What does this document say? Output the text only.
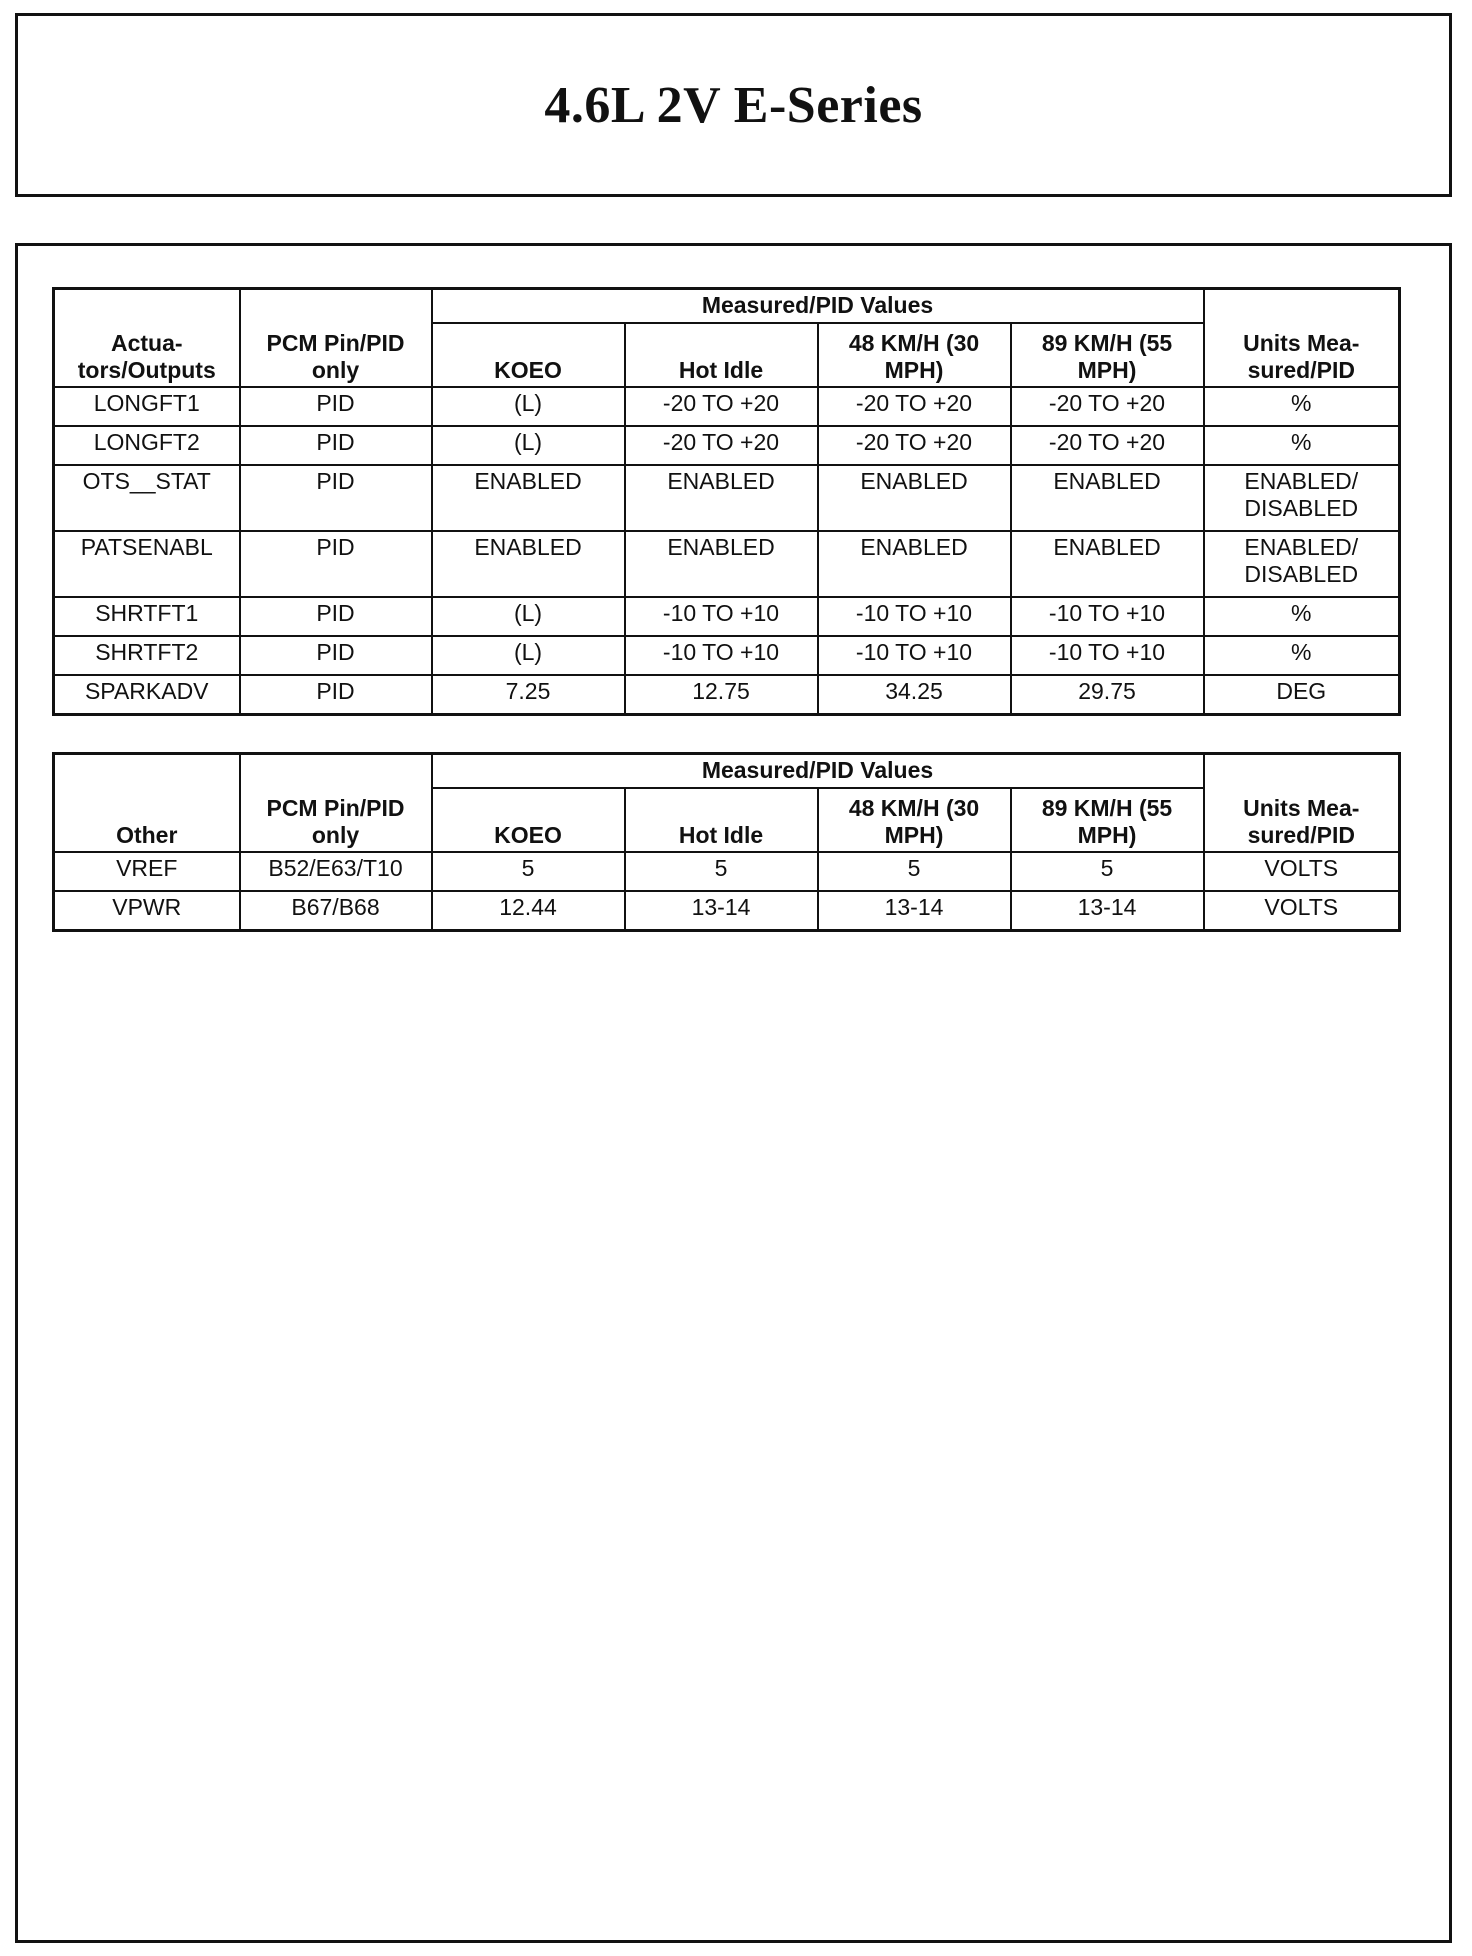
4.6L 2V E-Series
Actua-tors/Outputs	PCM Pin/PID only	Measured/PID Values				Units Mea-sured/PID
		KOEO	Hot Idle	48 KM/H (30 MPH)	89 KM/H (55 MPH)	
LONGFT1	PID	(L)	-20 TO +20	-20 TO +20	-20 TO +20	%
LONGFT2	PID	(L)	-20 TO +20	-20 TO +20	-20 TO +20	%
OTS__STAT	PID	ENABLED	ENABLED	ENABLED	ENABLED	ENABLED/ DISABLED
PATSENABL	PID	ENABLED	ENABLED	ENABLED	ENABLED	ENABLED/ DISABLED
SHRTFT1	PID	(L)	-10 TO +10	-10 TO +10	-10 TO +10	%
SHRTFT2	PID	(L)	-10 TO +10	-10 TO +10	-10 TO +10	%
SPARKADV	PID	7.25	12.75	34.25	29.75	DEG
Other	PCM Pin/PID only	Measured/PID Values				Units Mea-sured/PID
		KOEO	Hot Idle	48 KM/H (30 MPH)	89 KM/H (55 MPH)	
VREF	B52/E63/T10	5	5	5	5	VOLTS
VPWR	B67/B68	12.44	13-14	13-14	13-14	VOLTS
